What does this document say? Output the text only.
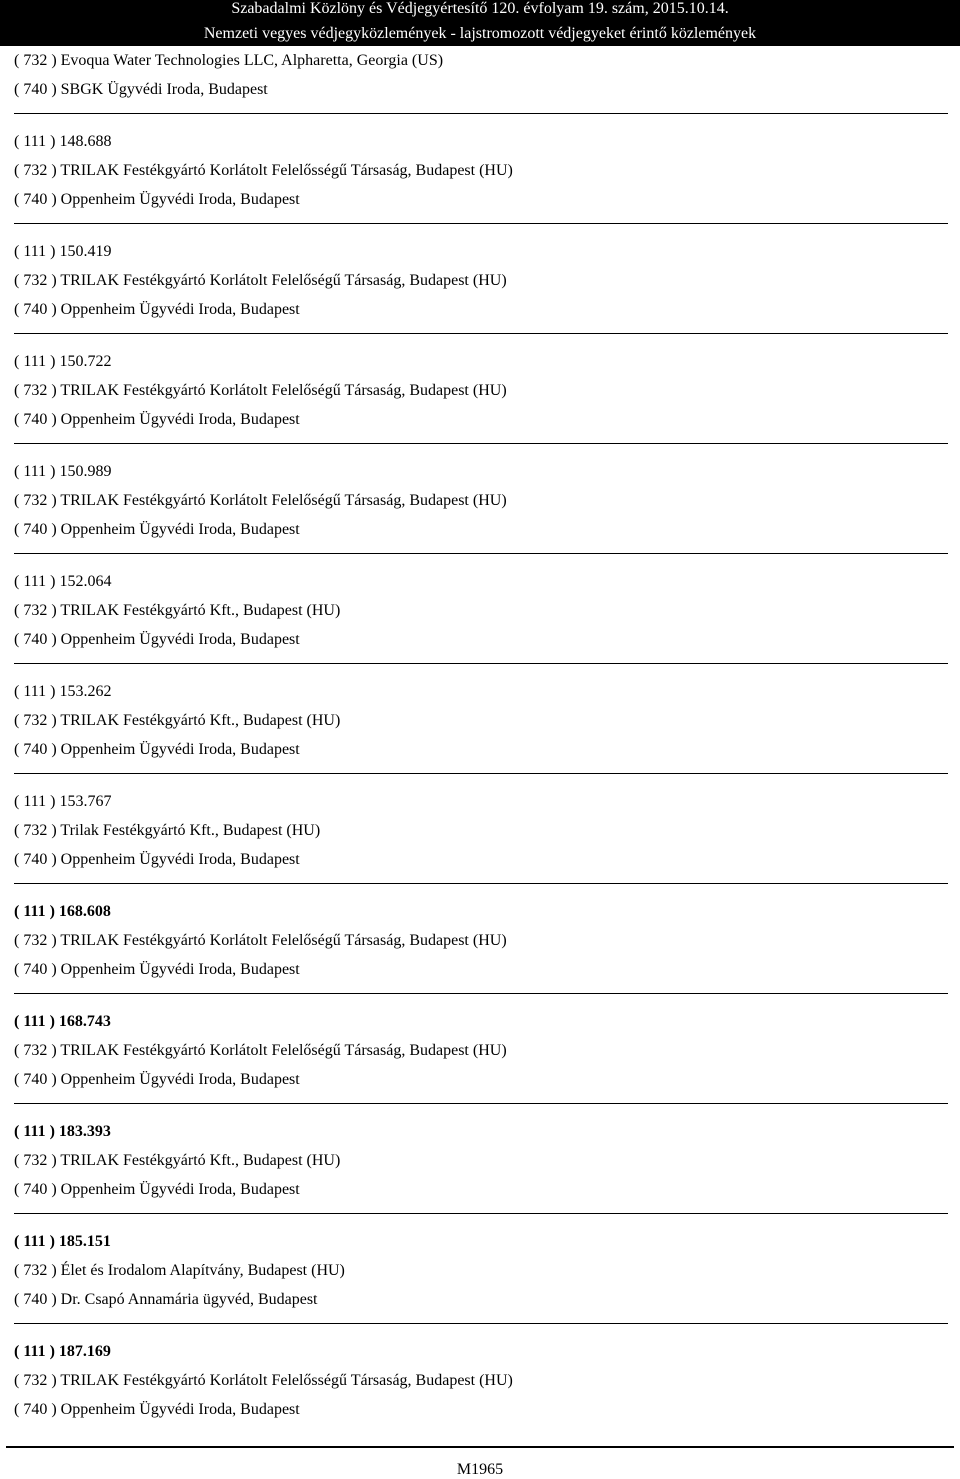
Szabadalmi Közlöny és Védjegyértesítő 120. évfolyam 19. szám, 2015.10.14.
Nemzeti vegyes védjegyközlemények - lajstromozott védjegyeket érintő közlemények
( 732 ) Evoqua Water Technologies LLC, Alpharetta, Georgia (US)
( 740 ) SBGK Ügyvédi Iroda, Budapest
( 111 ) 148.688
( 732 ) TRILAK Festékgyártó Korlátolt Felelősségű Társaság, Budapest (HU)
( 740 ) Oppenheim Ügyvédi Iroda, Budapest
( 111 ) 150.419
( 732 ) TRILAK Festékgyártó Korlátolt Felelőségű Társaság, Budapest (HU)
( 740 ) Oppenheim Ügyvédi Iroda, Budapest
( 111 ) 150.722
( 732 ) TRILAK Festékgyártó Korlátolt Felelőségű Társaság, Budapest (HU)
( 740 ) Oppenheim Ügyvédi Iroda, Budapest
( 111 ) 150.989
( 732 ) TRILAK Festékgyártó Korlátolt Felelőségű Társaság, Budapest (HU)
( 740 ) Oppenheim Ügyvédi Iroda, Budapest
( 111 ) 152.064
( 732 ) TRILAK Festékgyártó Kft., Budapest (HU)
( 740 ) Oppenheim Ügyvédi Iroda, Budapest
( 111 ) 153.262
( 732 ) TRILAK Festékgyártó Kft., Budapest (HU)
( 740 ) Oppenheim Ügyvédi Iroda, Budapest
( 111 ) 153.767
( 732 ) Trilak Festékgyártó Kft., Budapest (HU)
( 740 ) Oppenheim Ügyvédi Iroda, Budapest
( 111 ) 168.608
( 732 ) TRILAK Festékgyártó Korlátolt Felelőségű Társaság, Budapest (HU)
( 740 ) Oppenheim Ügyvédi Iroda, Budapest
( 111 ) 168.743
( 732 ) TRILAK Festékgyártó Korlátolt Felelőségű Társaság, Budapest (HU)
( 740 ) Oppenheim Ügyvédi Iroda, Budapest
( 111 ) 183.393
( 732 ) TRILAK Festékgyártó Kft., Budapest (HU)
( 740 ) Oppenheim Ügyvédi Iroda, Budapest
( 111 ) 185.151
( 732 ) Élet és Irodalom Alapítvány, Budapest (HU)
( 740 ) Dr. Csapó Annamária ügyvéd, Budapest
( 111 ) 187.169
( 732 ) TRILAK Festékgyártó Korlátolt Felelősségű Társaság, Budapest (HU)
( 740 ) Oppenheim Ügyvédi Iroda, Budapest
M1965
